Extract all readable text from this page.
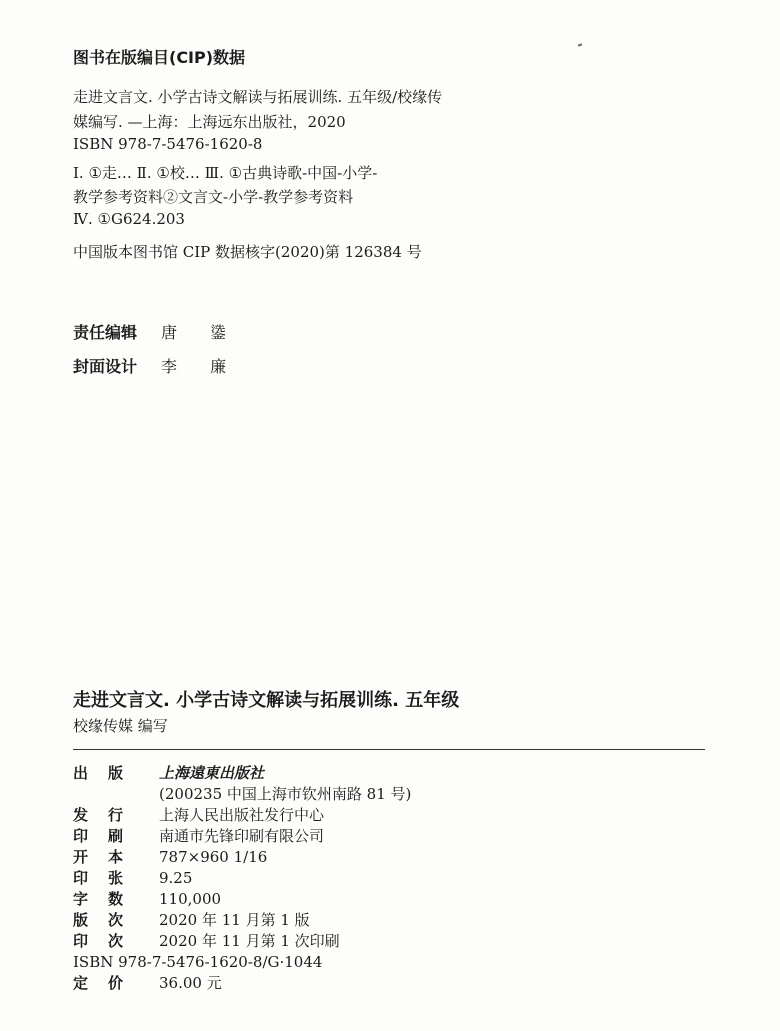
图书在版编目(CIP)数据
走进文言文. 小学古诗文解读与拓展训练. 五年级/校缘传
媒编写. —上海：上海远东出版社，2020
ISBN 978-7-5476-1620-8
Ⅰ. ①走… Ⅱ. ①校… Ⅲ. ①古典诗歌-中国-小学-
教学参考资料②文言文-小学-教学参考资料
Ⅳ. ①G624.203
中国版本图书馆 CIP 数据核字(2020)第 126384 号
责任编辑 唐 鍌
封面设计 李 廉
走进文言文. 小学古诗文解读与拓展训练. 五年级
校缘传媒 编写
出版 上海遠東出版社
(200235 中国上海市钦州南路 81 号)
发行 上海人民出版社发行中心
印刷 南通市先锋印刷有限公司
开本 787×960 1/16
印张 9.25
字数 110,000
版次 2020 年 11 月第 1 版
印次 2020 年 11 月第 1 次印刷
ISBN 978-7-5476-1620-8/G·1044
定价 36.00 元
